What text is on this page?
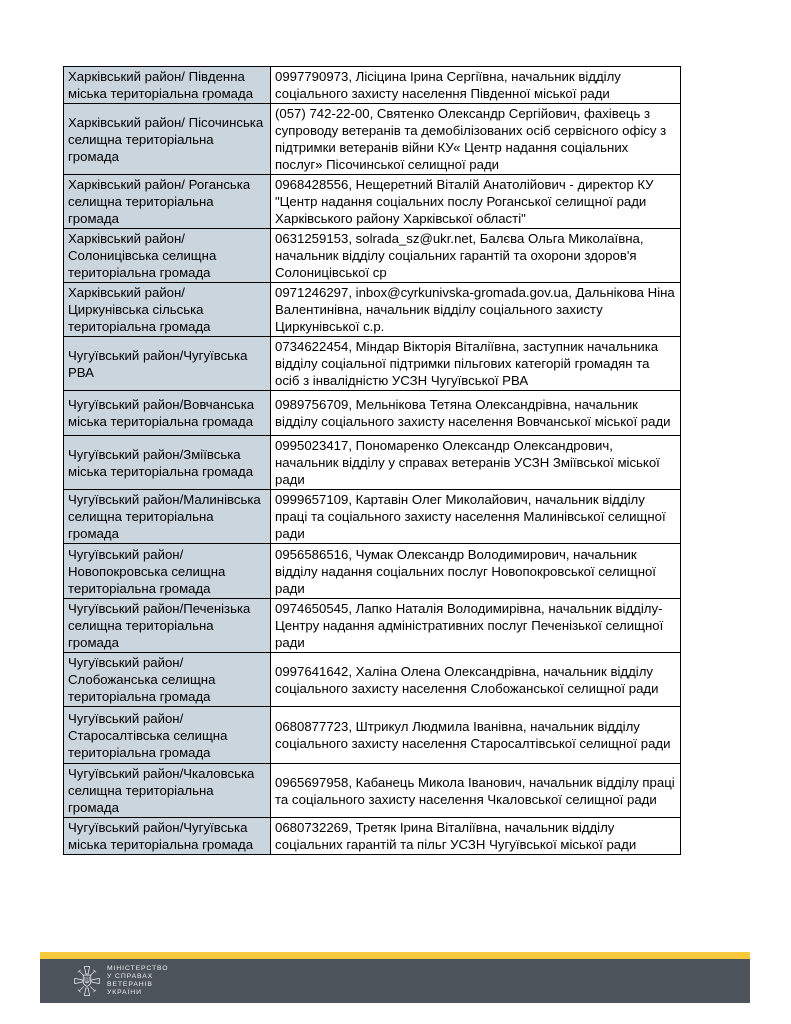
Харківський район/ Південна міська територіальна громада	0997790973, Лісіцина Ірина Сергіївна, начальник відділу соціального захисту населення Південної міської ради
Харківський район/ Пісочинська селищна територіальна громада	(057) 742-22-00, Святенко Олександр Сергійович, фахівець з супроводу ветеранів та демобілізованих осіб сервісного офісу з підтримки ветеранів війни КУ« Центр надання соціальних послуг» Пісочинської селищної ради
Харківський район/ Роганська селищна територіальна громада	0968428556, Нещеретний Віталій Анатолійович - директор КУ "Центр надання соціальних послу Роганської селищної ради Харківського району Харківської області"
Харківський район/ Солоницівська селищна територіальна громада	0631259153, solrada_sz@ukr.net, Балєва Ольга Миколаївна, начальник відділу соціальних гарантій та охорони здоров'я Солоницівської ср
Харківський район/ Циркунівська сільська територіальна громада	0971246297, inbox@cyrkunivska-gromada.gov.ua, Дальнікова Ніна Валентинівна, начальник відділу соціального захисту Циркунівської с.р.
Чугуївський район/Чугуївська РВА	0734622454, Міндар Вікторія Віталіївна, заступник начальника відділу соціальної підтримки пільгових категорій громадян та осіб з інвалідністю УСЗН Чугуївської РВА
Чугуївський район/Вовчанська міська територіальна громада	0989756709, Мельнікова Тетяна Олександрівна, начальник відділу соціального захисту населення Вовчанської міської ради
Чугуївський район/Зміївська міська територіальна громада	0995023417, Пономаренко Олександр Олександрович, начальник відділу у справах ветеранів УСЗН Зміївської міської ради
Чугуївський район/Малинівська селищна територіальна громада	0999657109, Картавін Олег Миколайович, начальник відділу праці та соціального захисту населення Малинівської селищної ради
Чугуївський район/Новопокровська селищна територіальна громада	0956586516, Чумак Олександр Володимирович, начальник відділу надання соціальних послуг Новопокровської селищної ради
Чугуївський район/Печенізька селищна територіальна громада	0974650545, Лапко Наталія Володимирівна, начальник відділу-Центру надання адміністративних послуг Печенізької селищної ради
Чугуївський район/Слобожанська селищна територіальна громада	0997641642, Халіна Олена Олександрівна, начальник відділу соціального захисту населення Слобожанської селищної ради
Чугуївський район/Старосалтівська селищна територіальна громада	0680877723, Штрикул Людмила Іванівна, начальник відділу соціального захисту населення Старосалтівської селищної ради
Чугуївський район/Чкаловська селищна територіальна громада	0965697958, Кабанець Микола Іванович, начальник відділу праці та соціального захисту населення Чкаловської селищної ради
Чугуївський район/Чугуївська міська територіальна громада	0680732269, Третяк Ірина Віталіївна, начальник відділу соціальних гарантій та пільг УСЗН Чугуївської міської ради
МІНІСТЕРСТВО
У СПРАВАХ
ВЕТЕРАНІВ
УКРАЇНИ
